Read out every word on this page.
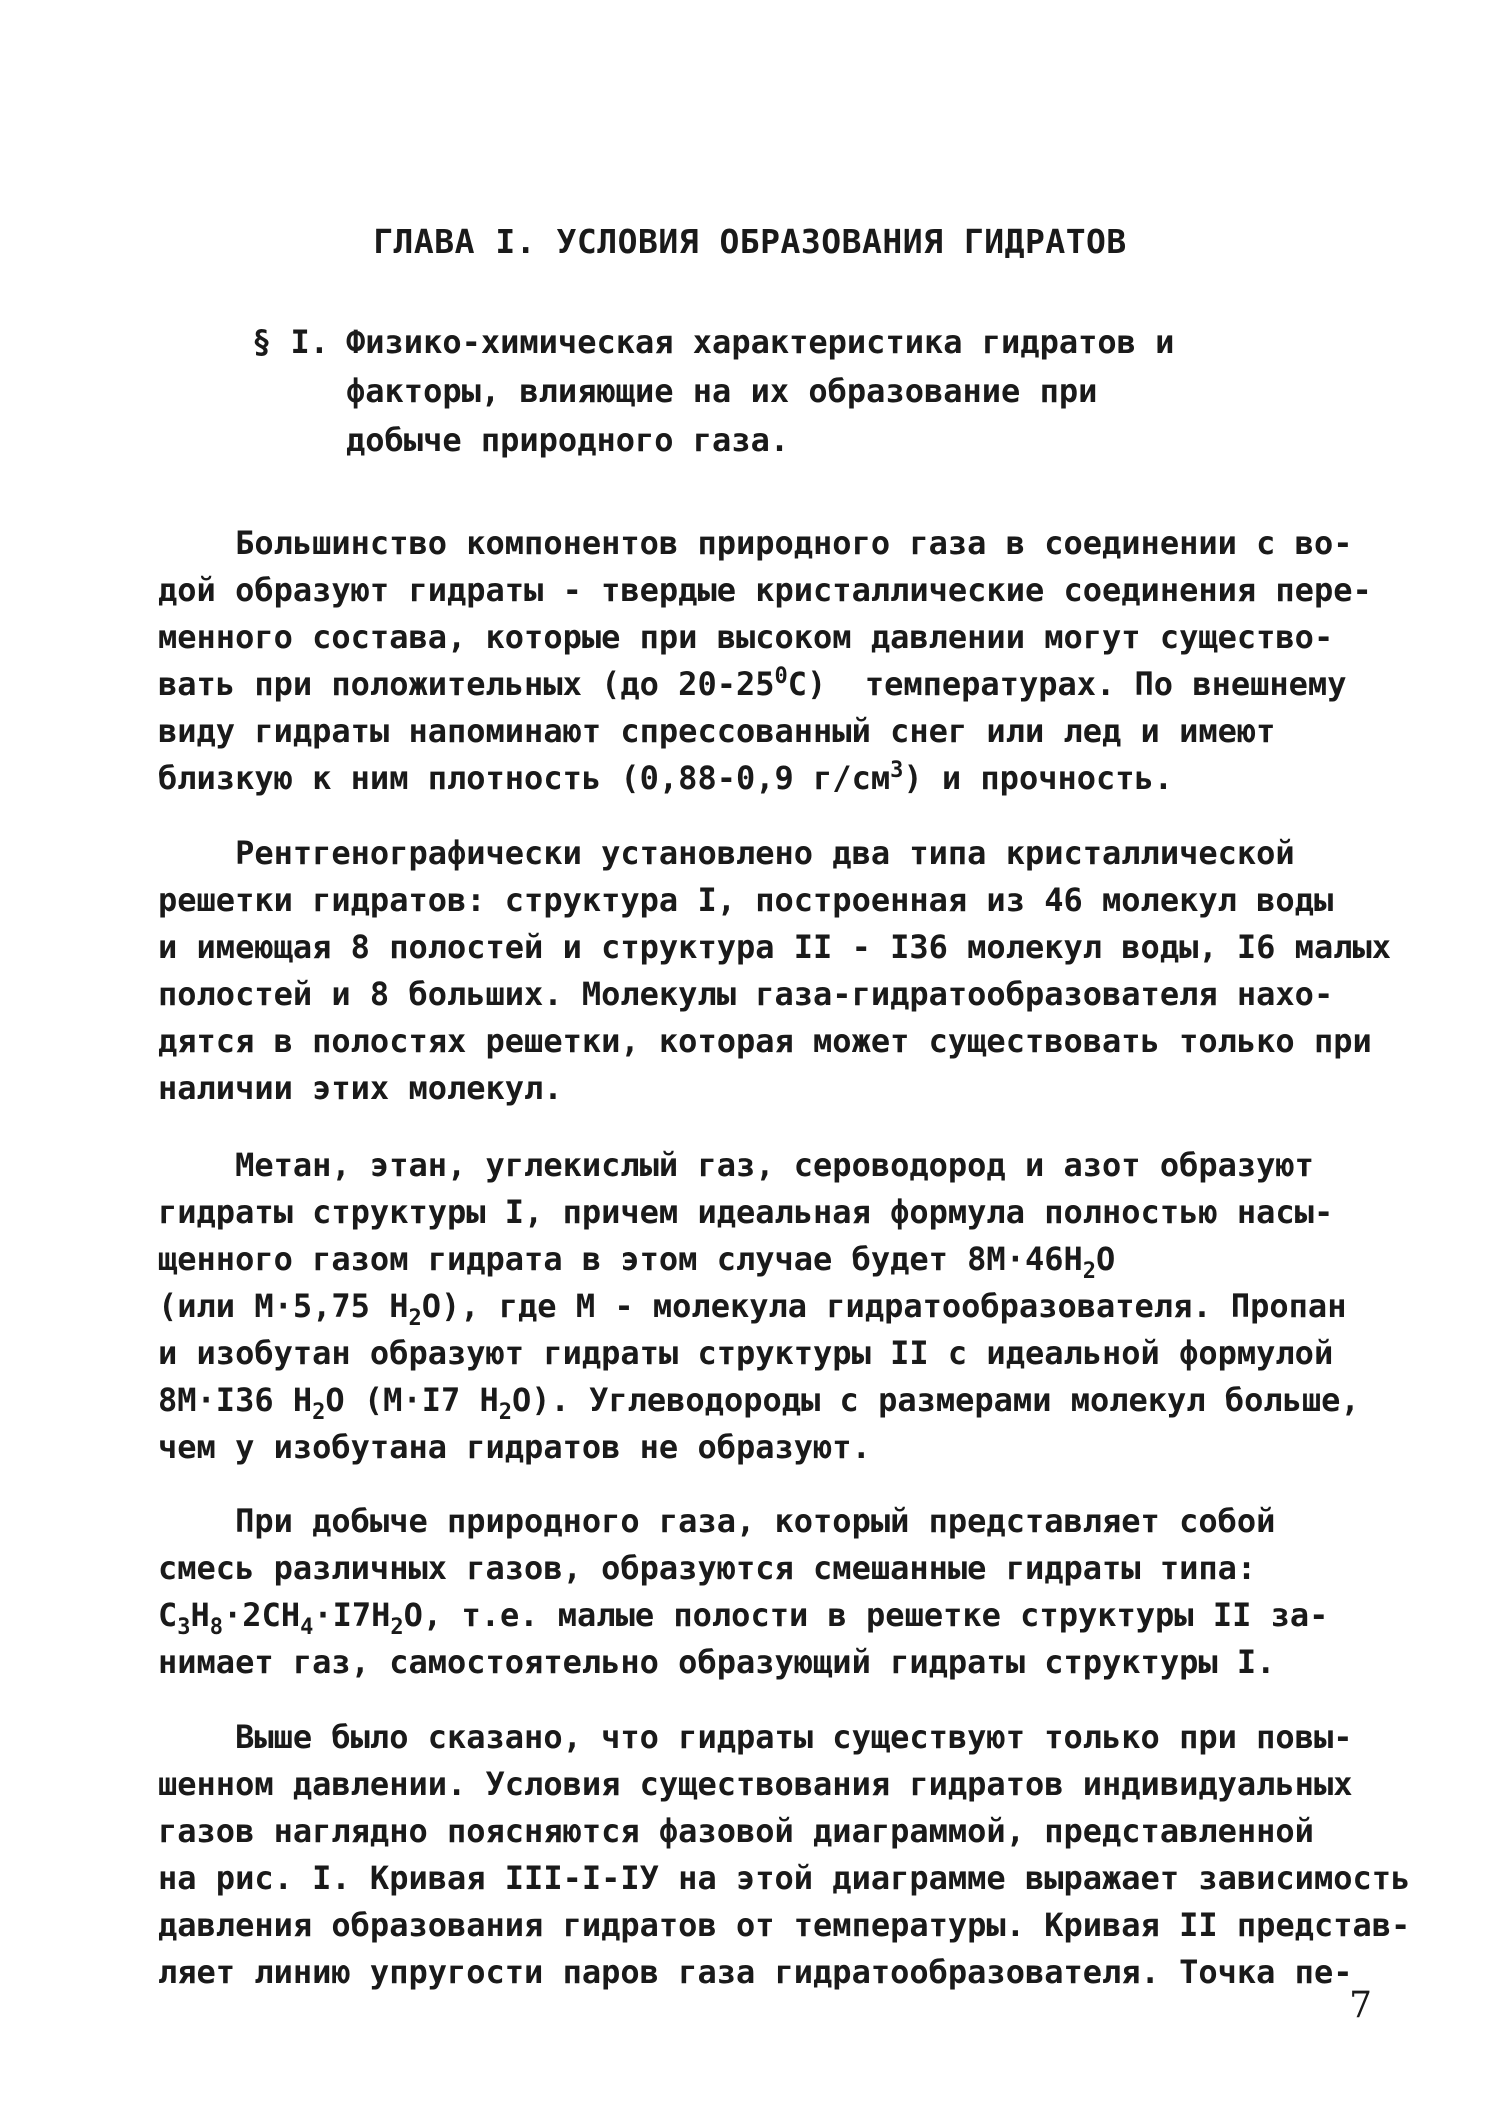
ГЛАВА I. УСЛОВИЯ ОБРАЗОВАНИЯ ГИДРАТОВ
§ I. Физико-химическая характеристика гидратов и
факторы, влияющие на их образование при
добыче природного газа.
Большинство компонентов природного газа в соединении с во-
дой образуют гидраты - твердые кристаллические соединения пере-
менного состава, которые при высоком давлении могут существо-
вать при положительных (до $20-25^0С$)  температурах. По внешнему
виду гидраты напоминают спрессованный снег или лед и имеют
близкую к ним плотность (0,88-0,9 $г/см^3$) и прочность.
Рентгенографически установлено два типа кристаллической
решетки гидратов: структура I, построенная из 46 молекул воды
и имеющая 8 полостей и структура II - I36 молекул воды, I6 малых
полостей и 8 больших. Молекулы газа-гидратообразователя нахо-
дятся в полостях решетки, которая может существовать только при
наличии этих молекул.
Метан, этан, углекислый газ, сероводород и азот образуют
гидраты структуры I, причем идеальная формула полностью насы-
щенного газом гидрата в этом случае будет $8М\cdot 46Н_2О$
(или М·5,75 $Н_2О$), где М - молекула гидратообразователя. Пропан
и изобутан образуют гидраты структуры II с идеальной формулой
8М·I36 $Н_2О$ (М·I7 $Н_2О$). Углеводороды с размерами молекул больше,
чем у изобутана гидратов не образуют.
При добыче природного газа, который представляет собой
смесь различных газов, образуются смешанные гидраты типа:
$С_3Н_8\cdot 2СН_4\cdot I7Н_2О$, т.е. малые полости в решетке структуры II за-
нимает газ, самостоятельно образующий гидраты структуры I.
Выше было сказано, что гидраты существуют только при повы-
шенном давлении. Условия существования гидратов индивидуальных
газов наглядно поясняются фазовой диаграммой, представленной
на рис. I. Кривая III-I-IУ на этой диаграмме выражает зависимость
давления образования гидратов от температуры. Кривая II представ-
ляет линию упругости паров газа гидратообразователя. Точка пе-
7
